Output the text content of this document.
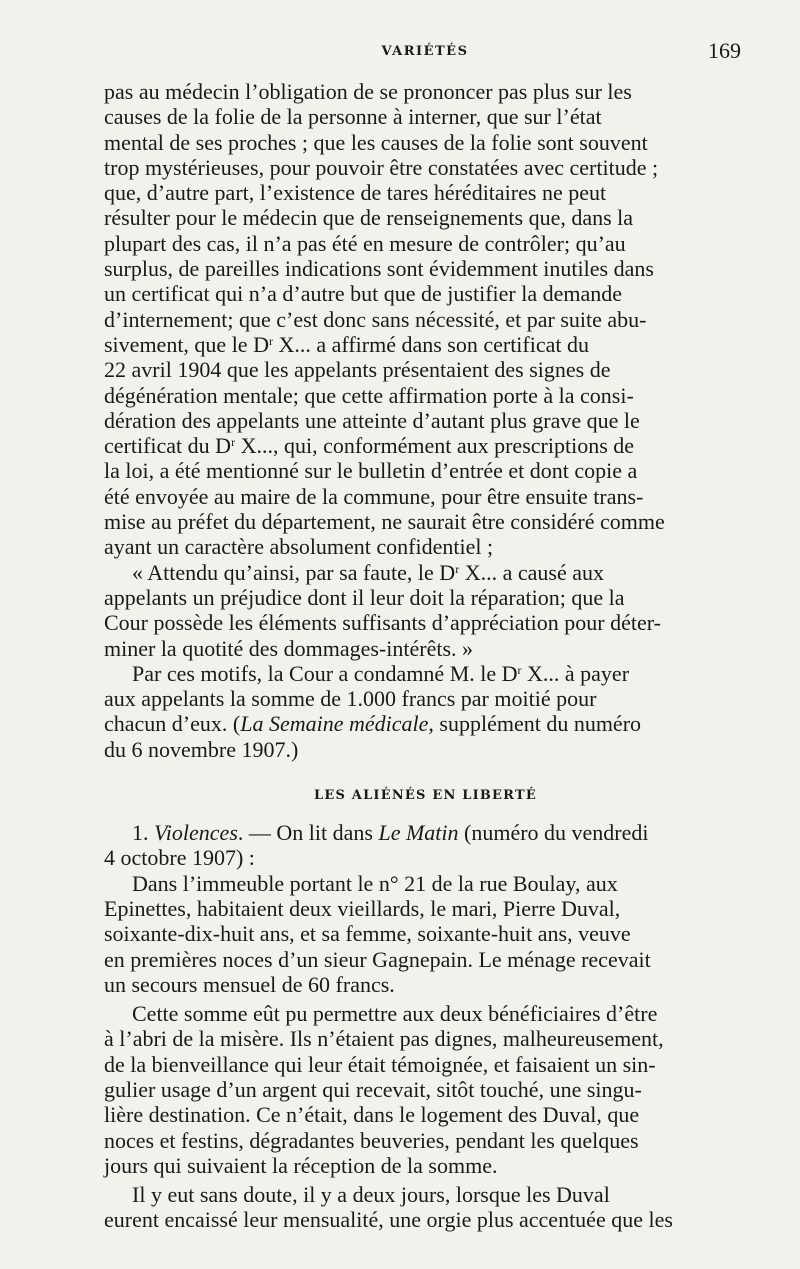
VARIÉTÉS	169

pas au médecin l’obligation de se prononcer pas plus sur les
causes de la folie de la personne à interner, que sur l’état
mental de ses proches ; que les causes de la folie sont souvent
trop mystérieuses, pour pouvoir être constatées avec certitude ;
que, d’autre part, l’existence de tares héréditaires ne peut
résulter pour le médecin que de renseignements que, dans la
plupart des cas, il n’a pas été en mesure de contrôler; qu’au
surplus, de pareilles indications sont évidemment inutiles dans
un certificat qui n’a d’autre but que de justifier la demande
d’internement; que c’est donc sans nécessité, et par suite abu-
sivement, que le $D^r$ X... a affirmé dans son certificat du
22 avril 1904 que les appelants présentaient des signes de
dégénération mentale; que cette affirmation porte à la consi-
dération des appelants une atteinte d’autant plus grave que le
certificat du $D^r$ X..., qui, conformément aux prescriptions de
la loi, a été mentionné sur le bulletin d’entrée et dont copie a
été envoyée au maire de la commune, pour être ensuite trans-
mise au préfet du département, ne saurait être considéré comme
ayant un caractère absolument confidentiel ;

« Attendu qu’ainsi, par sa faute, le $D^r$ X... a causé aux
appelants un préjudice dont il leur doit la réparation; que la
Cour possède les éléments suffisants d’appréciation pour déter-
miner la quotité des dommages-intérêts. »

Par ces motifs, la Cour a condamné M. le $D^r$ X... à payer
aux appelants la somme de 1.000 francs par moitié pour
chacun d’eux. (La Semaine médicale, supplément du numéro
du 6 novembre 1907.)

LES ALIÉNÉS EN LIBERTÉ

1. Violences. — On lit dans Le Matin (numéro du vendredi
4 octobre 1907) :

Dans l’immeuble portant le n° 21 de la rue Boulay, aux
Epinettes, habitaient deux vieillards, le mari, Pierre Duval,
soixante-dix-huit ans, et sa femme, soixante-huit ans, veuve
en premières noces d’un sieur Gagnepain. Le ménage recevait
un secours mensuel de 60 francs.

Cette somme eût pu permettre aux deux bénéficiaires d’être
à l’abri de la misère. Ils n’étaient pas dignes, malheureusement,
de la bienveillance qui leur était témoignée, et faisaient un sin-
gulier usage d’un argent qui recevait, sitôt touché, une singu-
lière destination. Ce n’était, dans le logement des Duval, que
noces et festins, dégradantes beuveries, pendant les quelques
jours qui suivaient la réception de la somme.

Il y eut sans doute, il y a deux jours, lorsque les Duval
eurent encaissé leur mensualité, une orgie plus accentuée que les
